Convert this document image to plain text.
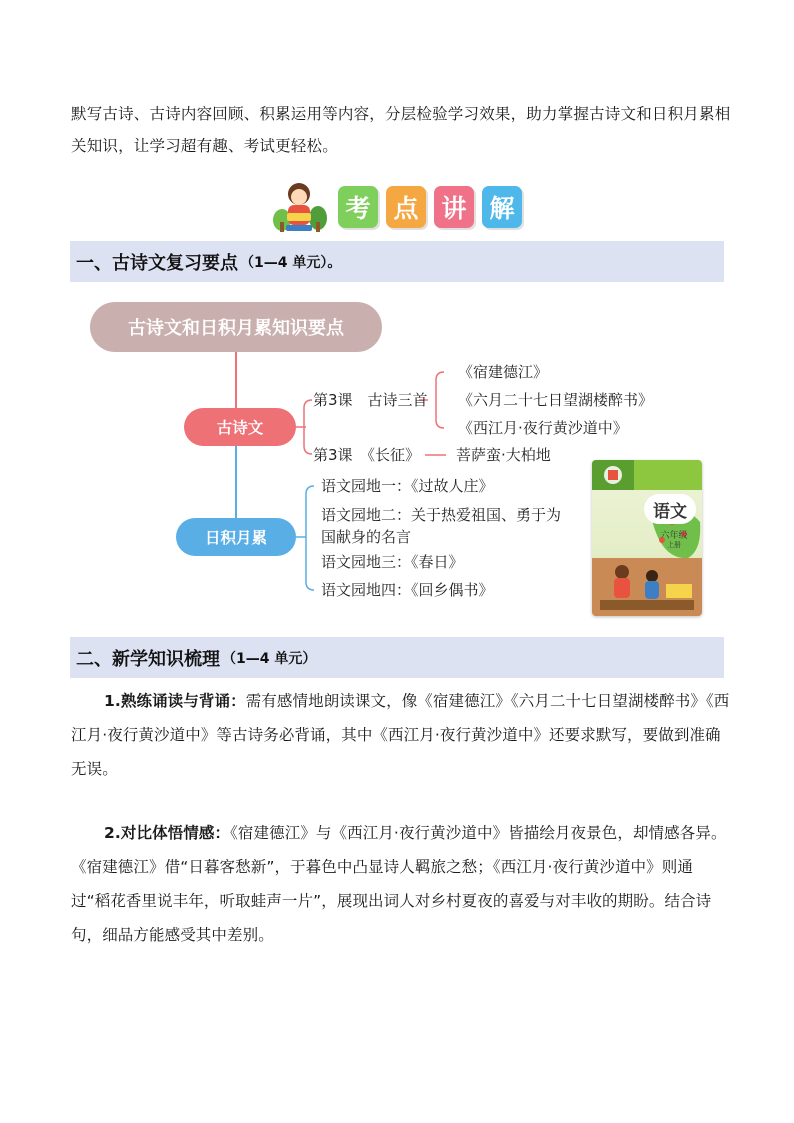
默写古诗、古诗内容回顾、积累运用等内容，分层检验学习效果，助力掌握古诗文和日积月累相关知识，让学习超有趣、考试更轻松。
考 点 讲 解
一、古诗文复习要点 （1—4 单元）。
古诗文和日积月累知识要点
古诗文
第3课　古诗三首
《宿建德江》
《六月二十七日望湖楼醉书》
《西江月·夜行黄沙道中》
第3课　《长征》 菩萨蛮·大柏地
日积月累
语文园地一：《过故人庄》
语文园地二：关于热爱祖国、勇于为国献身的名言
语文园地三：《春日》
语文园地四：《回乡偶书》
语文
六年级
上册
二、新学知识梳理 （1—4 单元）
1.熟练诵读与背诵：需有感情地朗读课文，像《宿建德江》《六月二十七日望湖楼醉书》《西江月·夜行黄沙道中》等古诗务必背诵，其中《西江月·夜行黄沙道中》还要求默写，要做到准确无误。
2.对比体悟情感：《宿建德江》与《西江月·夜行黄沙道中》皆描绘月夜景色，却情感各异。《宿建德江》借“日暮客愁新”，于暮色中凸显诗人羁旅之愁；《西江月·夜行黄沙道中》则通过“稻花香里说丰年，听取蛙声一片”，展现出词人对乡村夏夜的喜爱与对丰收的期盼。结合诗句，细品方能感受其中差别。
